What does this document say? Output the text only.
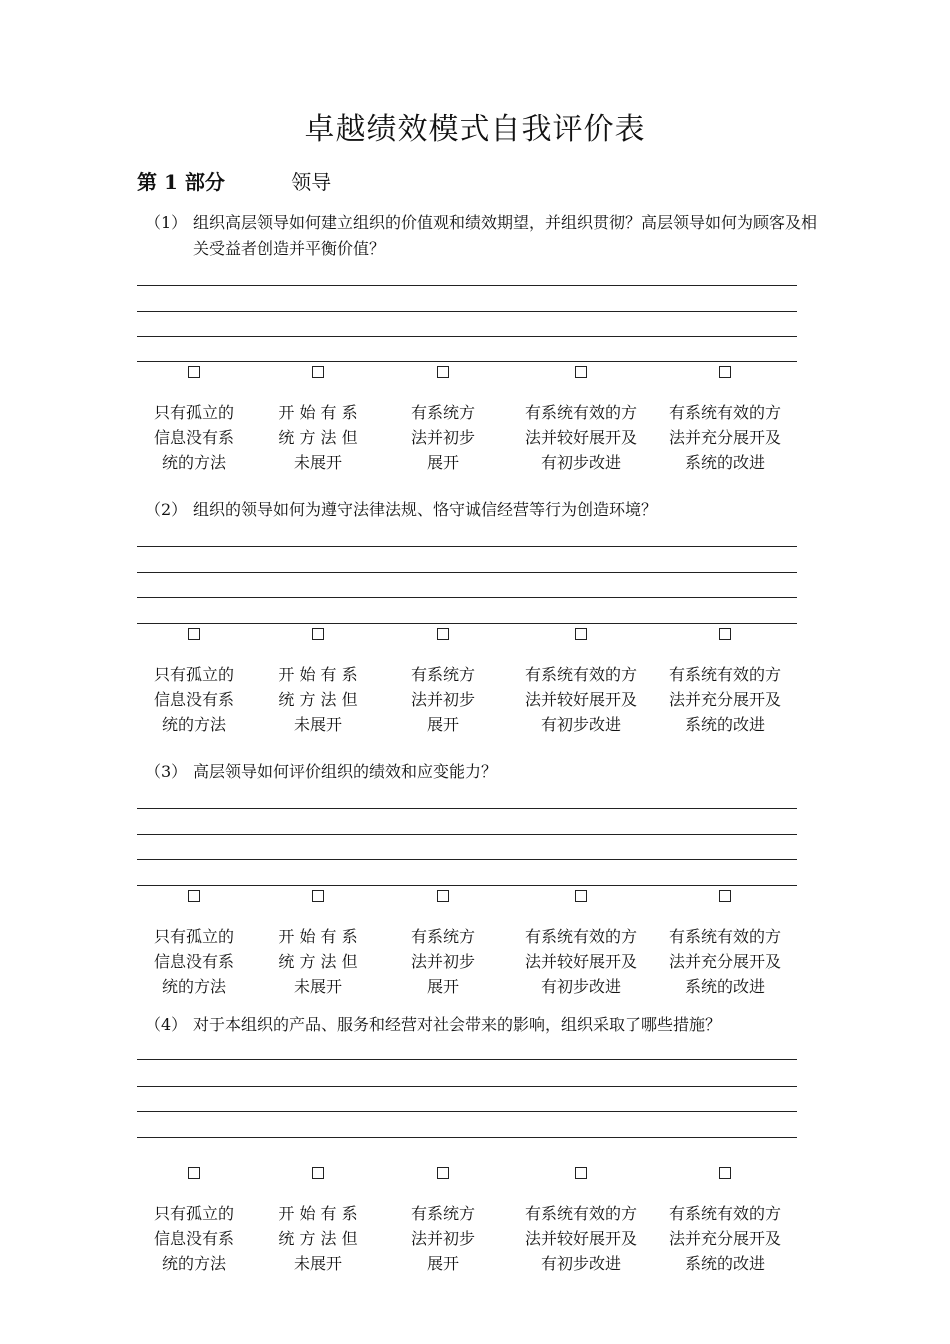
卓越绩效模式自我评价表
第 1 部分	领导
（1） 组织高层领导如何建立组织的价值观和绩效期望，并组织贯彻？高层领导如何为顾客及相关受益者创造并平衡价值？
只有孤立的
信息没有系
统的方法
开 始 有 系
统 方 法 但
未展开
有系统方
法并初步
展开
有系统有效的方
法并较好展开及
有初步改进
有系统有效的方
法并充分展开及
系统的改进
（2） 组织的领导如何为遵守法律法规、恪守诚信经营等行为创造环境？
只有孤立的
信息没有系
统的方法
开 始 有 系
统 方 法 但
未展开
有系统方
法并初步
展开
有系统有效的方
法并较好展开及
有初步改进
有系统有效的方
法并充分展开及
系统的改进
（3） 高层领导如何评价组织的绩效和应变能力？
只有孤立的
信息没有系
统的方法
开 始 有 系
统 方 法 但
未展开
有系统方
法并初步
展开
有系统有效的方
法并较好展开及
有初步改进
有系统有效的方
法并充分展开及
系统的改进
（4） 对于本组织的产品、服务和经营对社会带来的影响，组织采取了哪些措施？
只有孤立的
信息没有系
统的方法
开 始 有 系
统 方 法 但
未展开
有系统方
法并初步
展开
有系统有效的方
法并较好展开及
有初步改进
有系统有效的方
法并充分展开及
系统的改进
